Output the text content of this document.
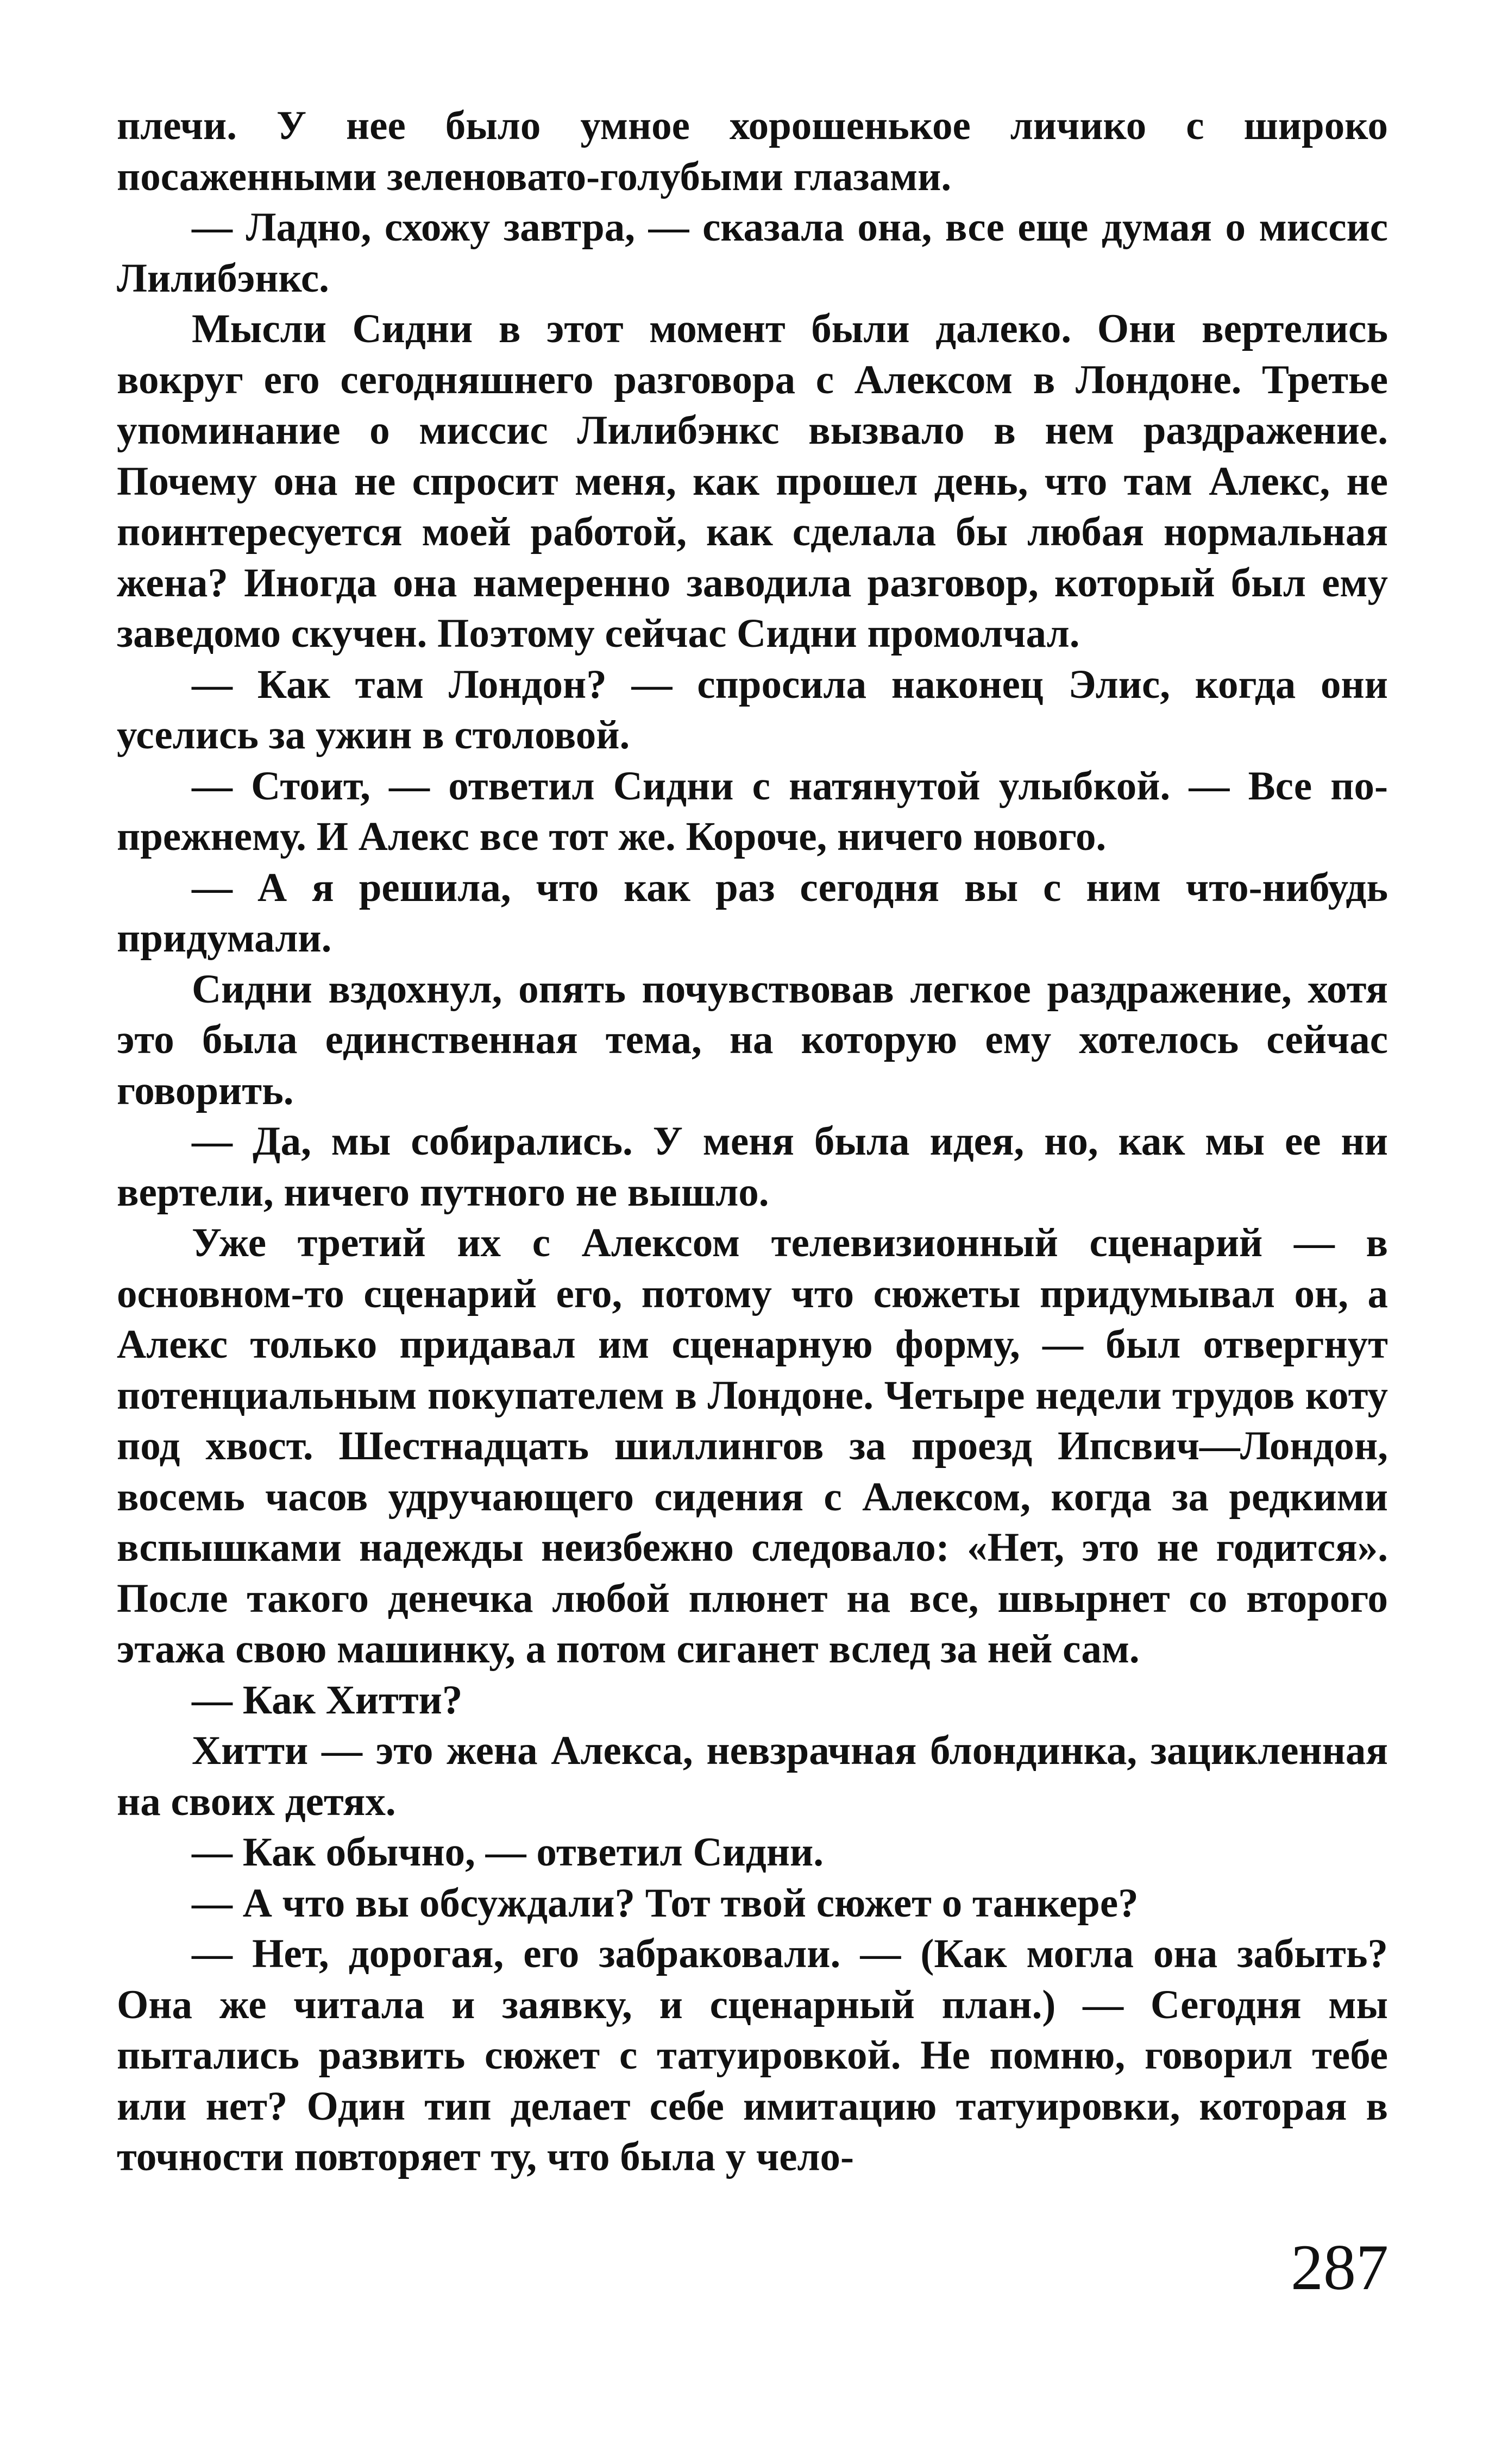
плечи. У нее было умное хорошенькое личико с широко посаженными зеленовато-голубыми глазами.

— Ладно, схожу завтра, — сказала она, все еще думая о миссис Лилибэнкс.

Мысли Сидни в этот момент были далеко. Они вертелись вокруг его сегодняшнего разговора с Алексом в Лондоне. Третье упоминание о миссис Лилибэнкс вызвало в нем раздражение. Почему она не спросит меня, как прошел день, что там Алекс, не поинтересуется моей работой, как сделала бы любая нормальная жена? Иногда она намеренно заводила разговор, который был ему заведомо скучен. Поэтому сейчас Сидни промолчал.

— Как там Лондон? — спросила наконец Элис, когда они уселись за ужин в столовой.

— Стоит, — ответил Сидни с натянутой улыбкой. — Все по-прежнему. И Алекс все тот же. Короче, ничего нового.

— А я решила, что как раз сегодня вы с ним что-нибудь придумали.

Сидни вздохнул, опять почувствовав легкое раздражение, хотя это была единственная тема, на которую ему хотелось сейчас говорить.

— Да, мы собирались. У меня была идея, но, как мы ее ни вертели, ничего путного не вышло.

Уже третий их с Алексом телевизионный сценарий — в основном-то сценарий его, потому что сюжеты придумывал он, а Алекс только придавал им сценарную форму, — был отвергнут потенциальным покупателем в Лондоне. Четыре недели трудов коту под хвост. Шестнадцать шиллингов за проезд Ипсвич—Лондон, восемь часов удручающего сидения с Алексом, когда за редкими вспышками надежды неизбежно следовало: «Нет, это не годится». После такого денечка любой плюнет на все, швырнет со второго этажа свою машинку, а потом сиганет вслед за ней сам.

— Как Хитти?

Хитти — это жена Алекса, невзрачная блондинка, зацикленная на своих детях.

— Как обычно, — ответил Сидни.

— А что вы обсуждали? Тот твой сюжет о танкере?

— Нет, дорогая, его забраковали. — (Как могла она забыть? Она же читала и заявку, и сценарный план.) — Сегодня мы пытались развить сюжет с татуировкой. Не помню, говорил тебе или нет? Один тип делает себе имитацию татуировки, которая в точности повторяет ту, что была у чело-

287
